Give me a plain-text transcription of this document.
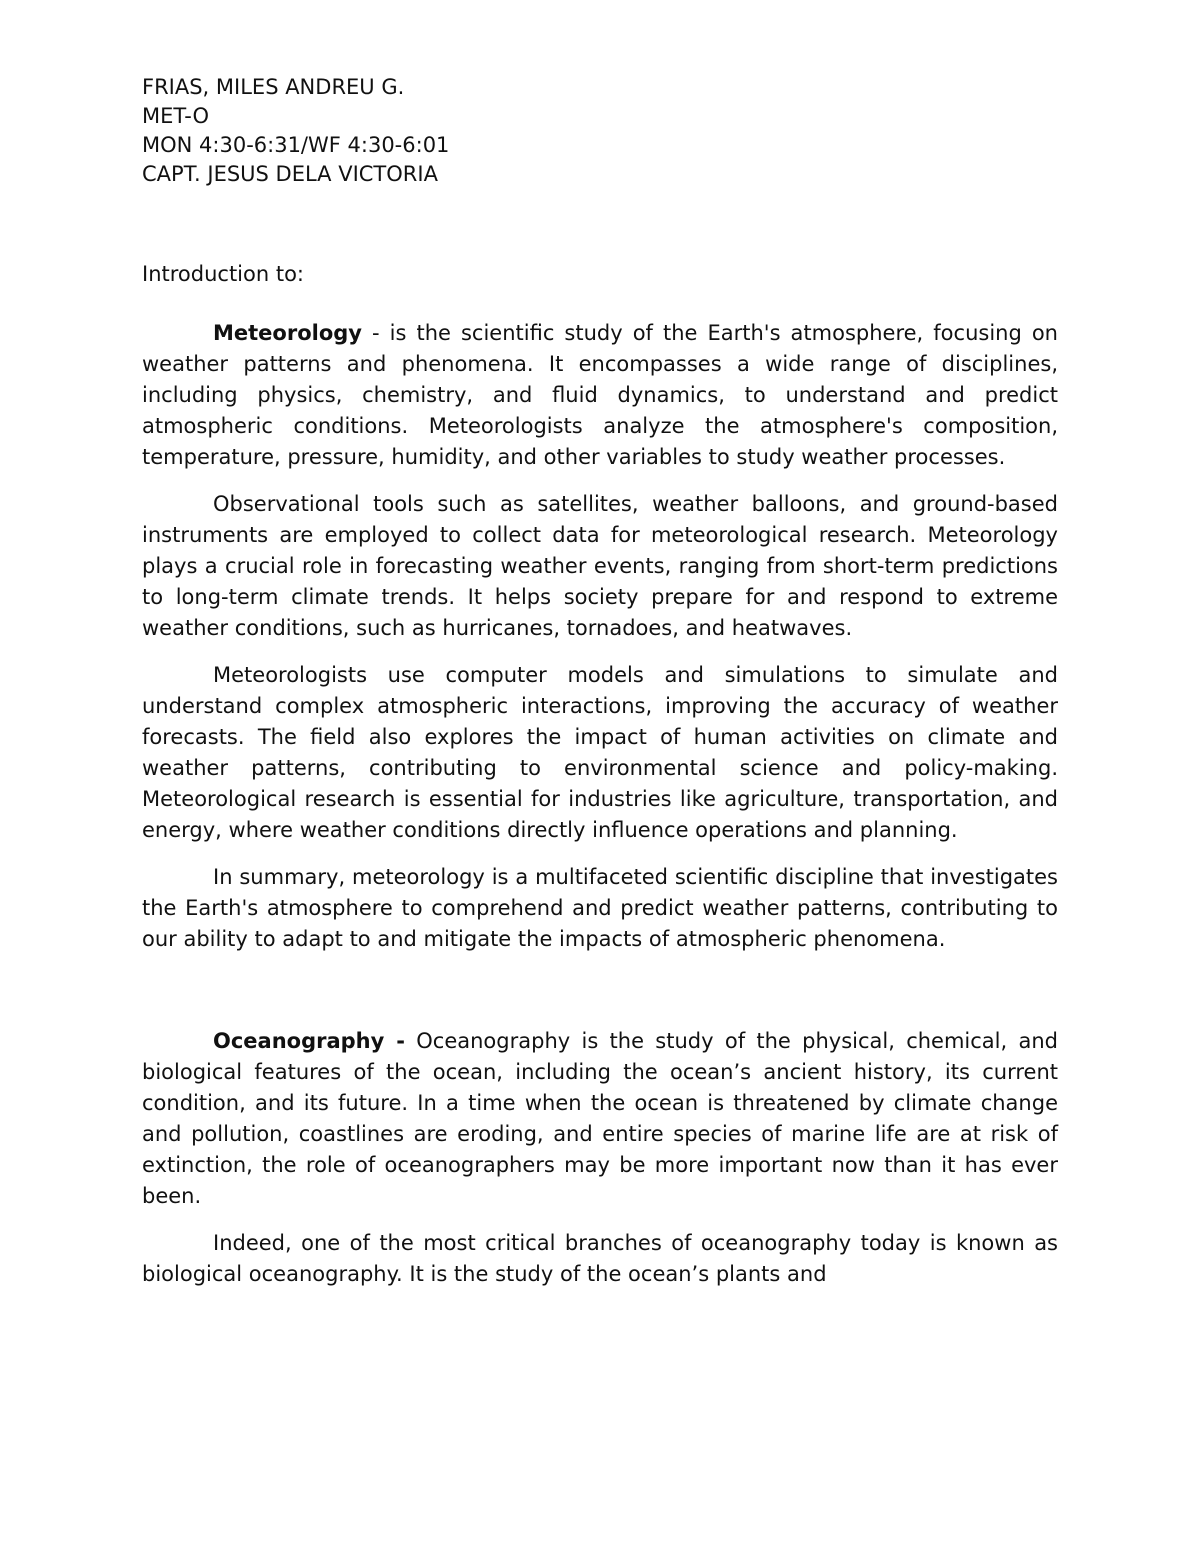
FRIAS, MILES ANDREU G.

MET-O

MON 4:30-6:31/WF 4:30-6:01

CAPT. JESUS DELA VICTORIA

Introduction to:

Meteorology - is the scientific study of the Earth's atmosphere, focusing on weather patterns and phenomena. It encompasses a wide range of disciplines, including physics, chemistry, and fluid dynamics, to understand and predict atmospheric conditions. Meteorologists analyze the atmosphere's composition, temperature, pressure, humidity, and other variables to study weather processes.

Observational tools such as satellites, weather balloons, and ground-based instruments are employed to collect data for meteorological research. Meteorology plays a crucial role in forecasting weather events, ranging from short-term predictions to long-term climate trends. It helps society prepare for and respond to extreme weather conditions, such as hurricanes, tornadoes, and heatwaves.

Meteorologists use computer models and simulations to simulate and understand complex atmospheric interactions, improving the accuracy of weather forecasts. The field also explores the impact of human activities on climate and weather patterns, contributing to environmental science and policy-making. Meteorological research is essential for industries like agriculture, transportation, and energy, where weather conditions directly influence operations and planning.

In summary, meteorology is a multifaceted scientific discipline that investigates the Earth's atmosphere to comprehend and predict weather patterns, contributing to our ability to adapt to and mitigate the impacts of atmospheric phenomena.

Oceanography - Oceanography is the study of the physical, chemical, and biological features of the ocean, including the ocean’s ancient history, its current condition, and its future. In a time when the ocean is threatened by climate change and pollution, coastlines are eroding, and entire species of marine life are at risk of extinction, the role of oceanographers may be more important now than it has ever been.

Indeed, one of the most critical branches of oceanography today is known as biological oceanography. It is the study of the ocean’s plants and
